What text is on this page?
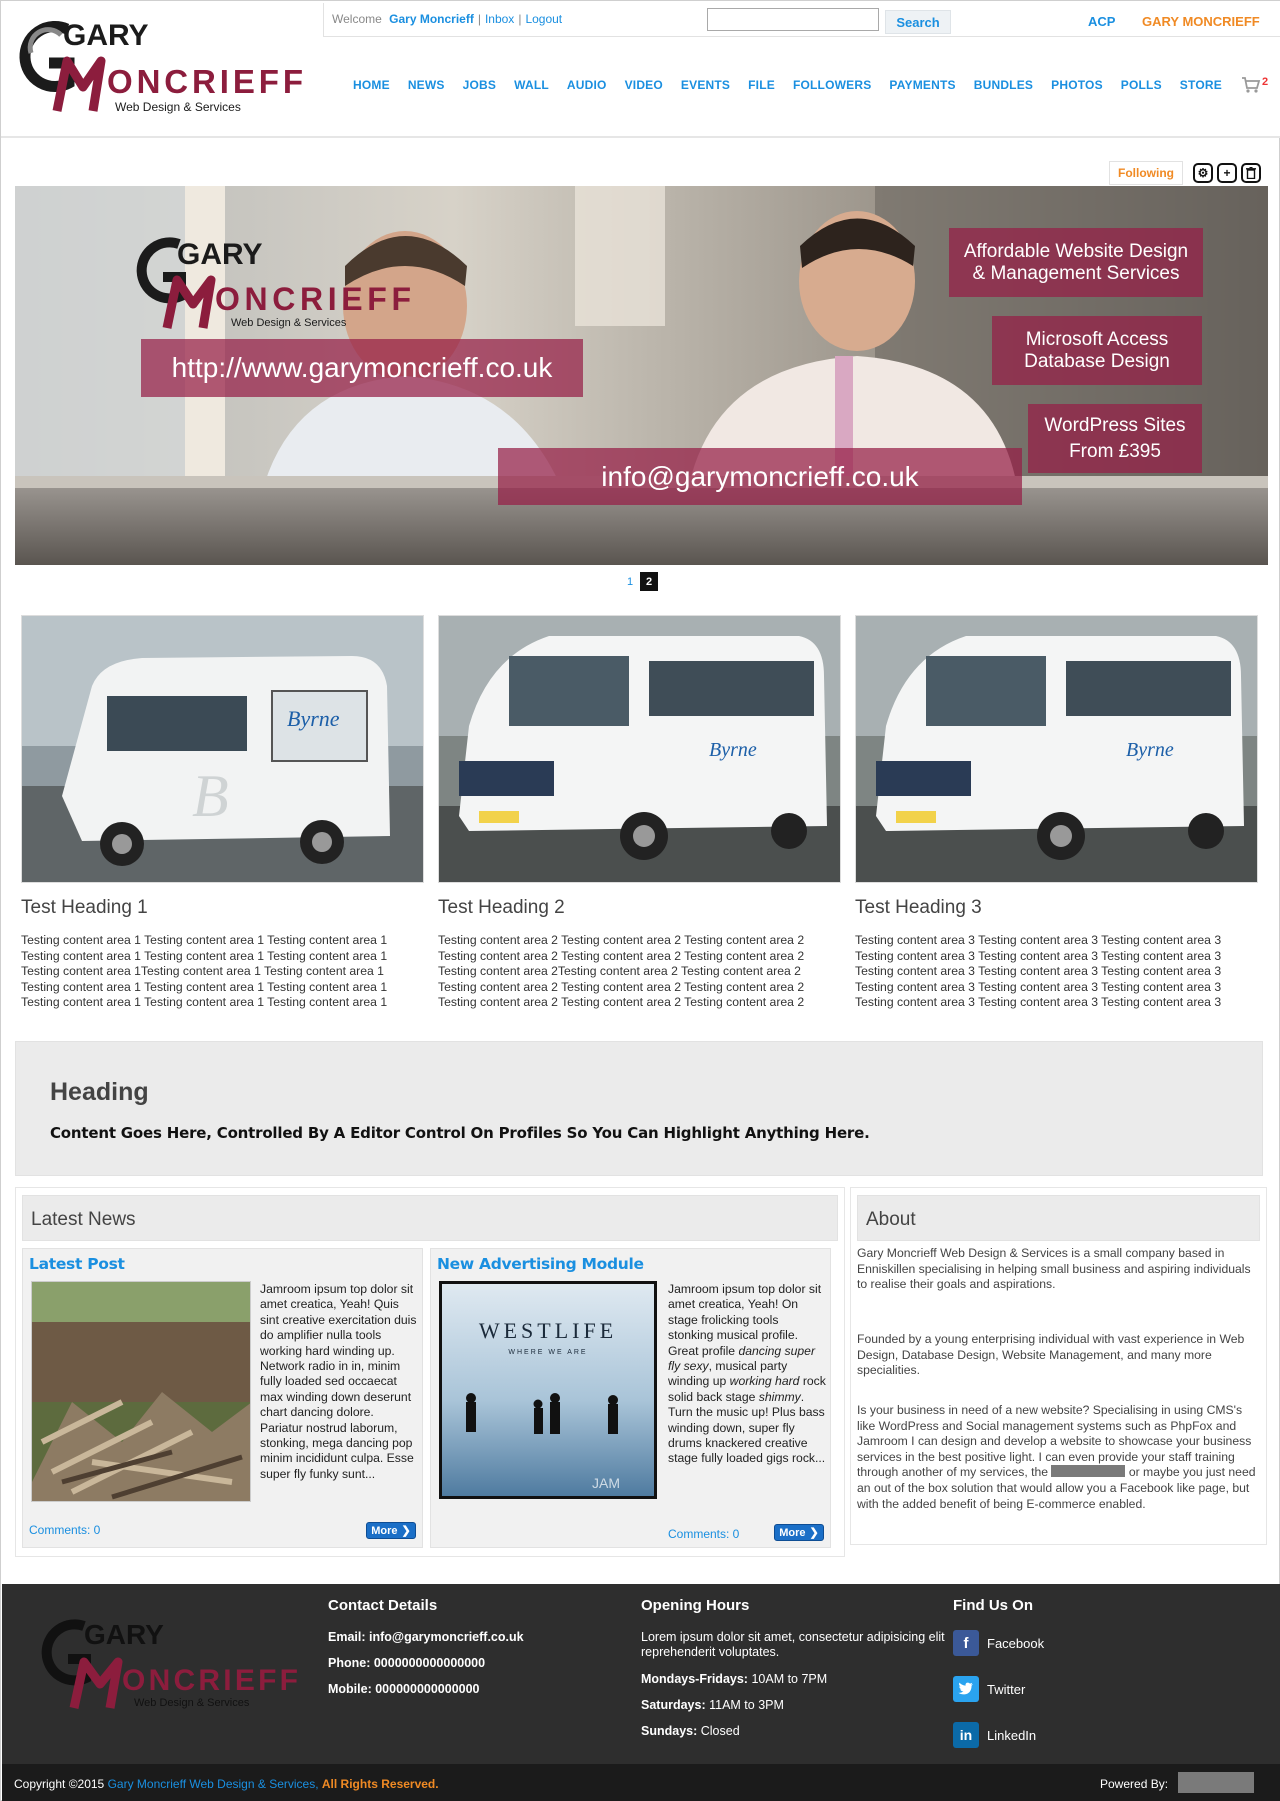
GARY
ONCRIEFF
Web Design & Services
Welcome Gary Moncrieff | Inbox | Logout	Search	ACP GARY MONCRIEFF
HOME NEWS JOBS WALL AUDIO VIDEO EVENTS FILE FOLLOWERS PAYMENTS BUNDLES PHOTOS POLLS STORE	2
Following	⚙	+
GARY
ONCRIEFF
Web Design & Services
http://www.garymoncrieff.co.uk
info@garymoncrieff.co.uk
Affordable Website Design
& Management Services
Microsoft Access
Database Design
WordPress Sites
From £395
1	2
Byrne
B
Test Heading 1
Testing content area 1 Testing content area 1 Testing content area 1 Testing content area 1 Testing content area 1 Testing content area 1 Testing content area 1Testing content area 1 Testing content area 1 Testing content area 1 Testing content area 1 Testing content area 1 Testing content area 1 Testing content area 1 Testing content area 1
Byrne
Test Heading 2
Testing content area 2 Testing content area 2 Testing content area 2 Testing content area 2 Testing content area 2 Testing content area 2 Testing content area 2Testing content area 2 Testing content area 2 Testing content area 2 Testing content area 2 Testing content area 2 Testing content area 2 Testing content area 2 Testing content area 2
Byrne
Test Heading 3
Testing content area 3 Testing content area 3 Testing content area 3 Testing content area 3 Testing content area 3 Testing content area 3 Testing content area 3 Testing content area 3 Testing content area 3 Testing content area 3 Testing content area 3 Testing content area 3 Testing content area 3 Testing content area 3 Testing content area 3
Heading
Content Goes Here, Controlled By A Editor Control On Profiles So You Can Highlight Anything Here.
Latest News
Latest Post
Jamroom ipsum top dolor sit amet creatica, Yeah! Quis sint creative exercitation duis do amplifier nulla tools working hard winding up. Network radio in in, minim fully loaded sed occaecat max winding down deserunt chart dancing dolore. Pariatur nostrud laborum, stonking, mega dancing pop minim incididunt culpa. Esse super fly funky sunt...
Comments: 0	More ❯
New Advertising Module
WESTLIFE
WHERE WE ARE
JAM
Jamroom ipsum top dolor sit amet creatica, Yeah! On stage frolicking tools stonking musical profile. Great profile dancing super fly sexy, musical party winding up working hard rock solid back stage shimmy. Turn the music up! Plus bass winding down, super fly drums knackered creative stage fully loaded gigs rock...
Comments: 0	More ❯
About
Gary Moncrieff Web Design & Services is a small company based in Enniskillen specialising in helping small business and aspiring individuals to realise their goals and aspirations.
Founded by a young enterprising individual with vast experience in Web Design, Database Design, Website Management, and many more specialities.
Is your business in need of a new website? Specialising in using CMS's like WordPress and Social management systems such as PhpFox and Jamroom I can design and develop a website to showcase your business services in the best positive light. I can even provide your staff training through another of my services, the	or maybe you just need an out of the box solution that would allow you a Facebook like page, but with the added benefit of being E-commerce enabled.
GARY
ONCRIEFF
Web Design & Services
Contact Details
Email: info@garymoncrieff.co.uk
Phone: 0000000000000000
Mobile: 000000000000000
Opening Hours
Lorem ipsum dolor sit amet, consectetur adipisicing elit reprehenderit voluptates.
Mondays-Fridays: 10AM to 7PM
Saturdays: 11AM to 3PM
Sundays: Closed
Find Us On
f	Facebook
Twitter
in	LinkedIn
Copyright ©2015 Gary Moncrieff Web Design & Services, All Rights Reserved.	Powered By:
